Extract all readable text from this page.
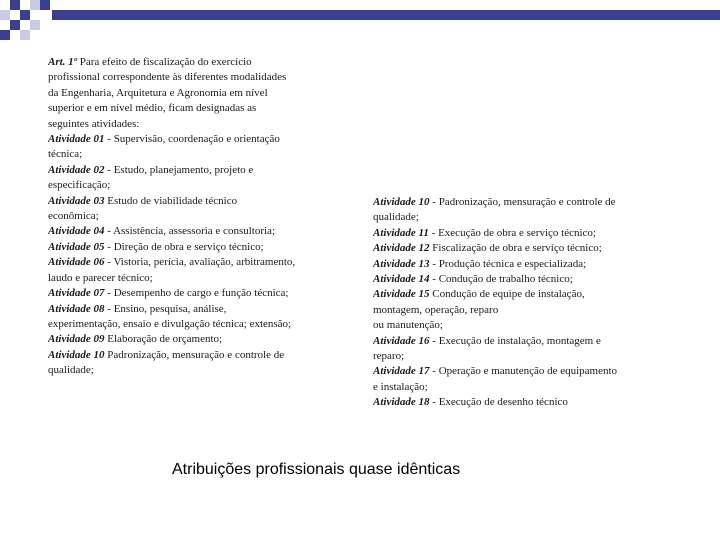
Art. 1º Para efeito de fiscalização do exercício
profissional correspondente às diferentes modalidades
da Engenharia, Arquitetura e Agronomia em nível
superior e em nível médio, ficam designadas as
seguintes atividades:
Atividade 01 - Supervisão, coordenação e orientação
técnica;
Atividade 02 - Estudo, planejamento, projeto e
especificação;
Atividade 03 Estudo de viabilidade técnico
econômica;
Atividade 04 - Assistência, assessoria e consultoria;
Atividade 05 - Direção de obra e serviço técnico;
Atividade 06 - Vistoria, perícia, avaliação, arbitramento,
laudo e parecer técnico;
Atividade 07 - Desempenho de cargo e função técnica;
Atividade 08 - Ensino, pesquisa, análise,
experimentação, ensaio e divulgação técnica; extensão;
Atividade 09 Elaboração de orçamento;
Atividade 10 Padronização, mensuração e controle de
qualidade;
Atividade 10 - Padronização, mensuração e controle de
qualidade;
Atividade 11 - Execução de obra e serviço técnico;
Atividade 12 Fiscalização de obra e serviço técnico;
Atividade 13 - Produção técnica e especializada;
Atividade 14 - Condução de trabalho técnico;
Atividade 15 Condução de equipe de instalação,
montagem, operação, reparo
ou manutenção;
Atividade 16 - Execução de instalação, montagem e
reparo;
Atividade 17 - Operação e manutenção de equipamento
e instalação;
Atividade 18 - Execução de desenho técnico
Atribuições profissionais quase idênticas
